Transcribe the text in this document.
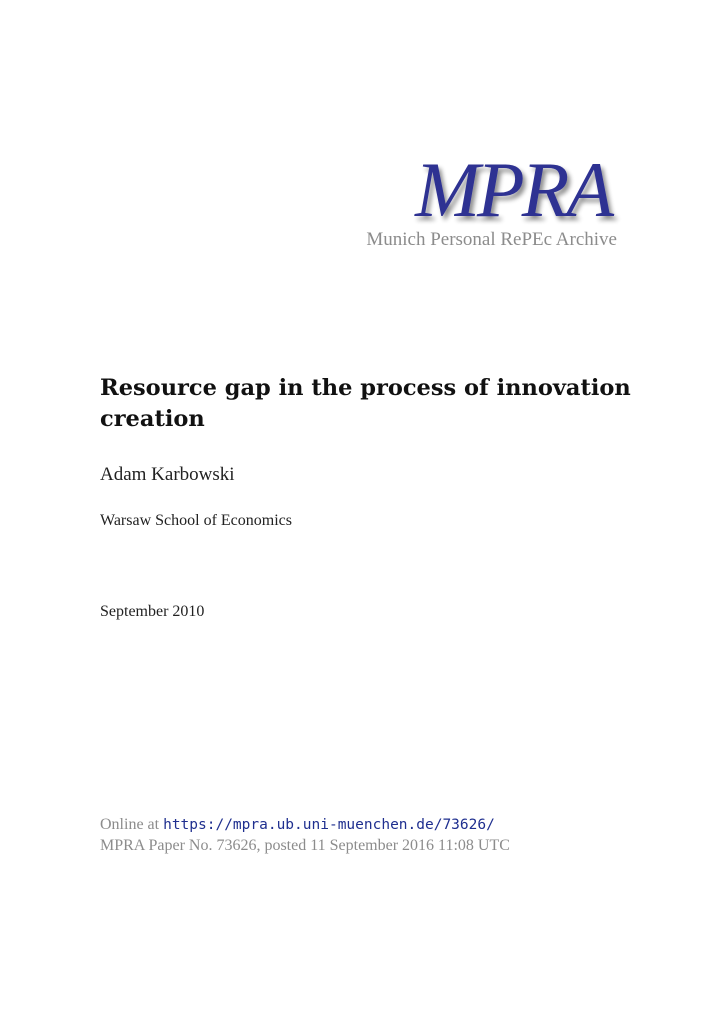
MPRA
Munich Personal RePEc Archive
Resource gap in the process of innovation creation
Adam Karbowski
Warsaw School of Economics
September 2010
Online at https://mpra.ub.uni-muenchen.de/73626/
MPRA Paper No. 73626, posted 11 September 2016 11:08 UTC
